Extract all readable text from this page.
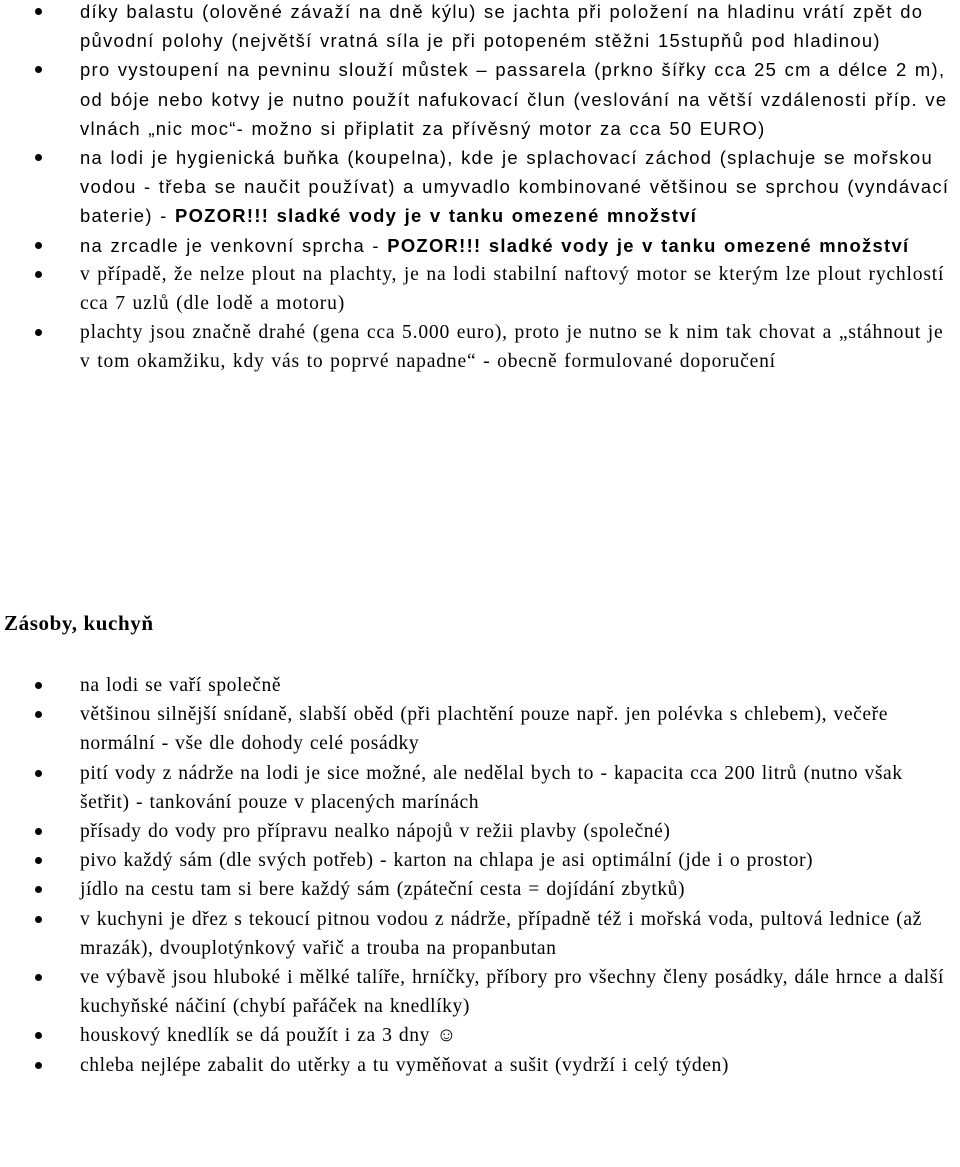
díky balastu (olověné závaží na dně kýlu) se jachta při položení na hladinu vrátí zpět do původní polohy (největší vratná síla je při potopeném stěžni 15stupňů pod hladinou)
pro vystoupení na pevninu slouží můstek – passarela (prkno šířky cca 25 cm a délce 2 m), od bóje nebo kotvy je nutno použít nafukovací člun (veslování na větší vzdálenosti příp. ve vlnách „nic moc“- možno si připlatit za přívěsný motor za cca 50 EURO)
na lodi je hygienická buňka (koupelna), kde je splachovací záchod (splachuje se mořskou vodou - třeba se naučit používat) a umyvadlo kombinované většinou se sprchou (vyndávací baterie) - POZOR!!! sladké vody je v tanku omezené množství
na zrcadle je venkovní sprcha - POZOR!!! sladké vody je v tanku omezené množství
v případě, že nelze plout na plachty, je na lodi stabilní naftový motor se kterým lze plout rychlostí cca 7 uzlů (dle lodě a motoru)
plachty jsou značně drahé (gena cca 5.000 euro), proto je nutno se k nim tak chovat a „stáhnout je v tom okamžiku, kdy vás to poprvé napadne“ - obecně formulované doporučení
Zásoby, kuchyň
na lodi se vaří společně
většinou silnější snídaně, slabší oběd (při plachtění pouze např. jen polévka s chlebem), večeře normální - vše dle dohody celé posádky
pití vody z nádrže na lodi je sice možné, ale nedělal bych to - kapacita cca 200 litrů (nutno však šetřit) - tankování pouze v placených marínách
přísady do vody pro přípravu nealko nápojů v režii plavby (společné)
pivo každý sám (dle svých potřeb) - karton na chlapa je asi optimální (jde i o prostor)
jídlo na cestu tam si bere každý sám (zpáteční cesta = dojídání zbytků)
v kuchyni je dřez s tekoucí pitnou vodou z nádrže, případně též i mořská voda, pultová lednice (až mrazák), dvouplotýnkový vařič a trouba na propanbutan
ve výbavě jsou hluboké i mělké talíře, hrníčky, příbory pro všechny členy posádky, dále hrnce a další kuchyňské náčiní (chybí pařáček na knedlíky)
houskový knedlík se dá použít i za 3 dny ☺
chleba nejlépe zabalit do utěrky a tu vyměňovat a sušit (vydrží i celý týden)
